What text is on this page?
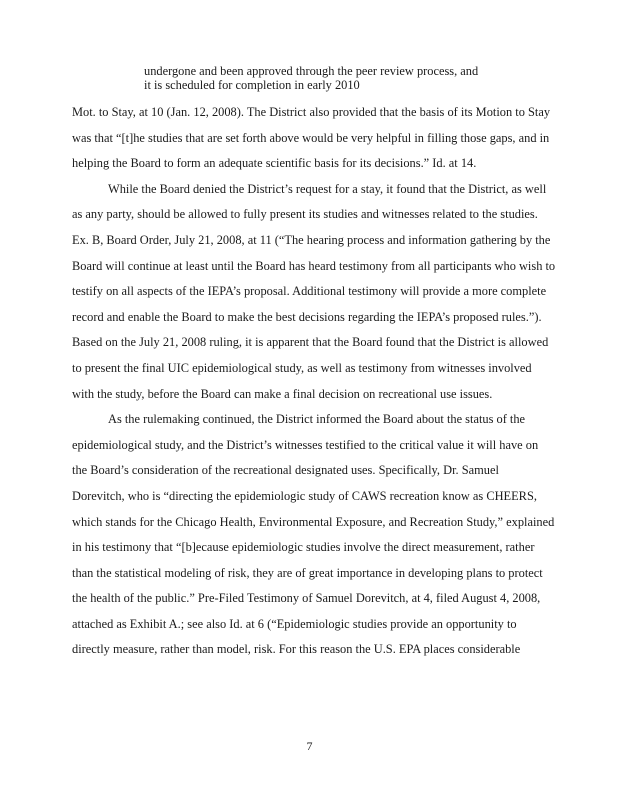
undergone and been approved through the peer review process, and
it is scheduled for completion in early 2010
Mot. to Stay, at 10 (Jan. 12, 2008). The District also provided that the basis of its Motion to Stay
was that “[t]he studies that are set forth above would be very helpful in filling those gaps, and in
helping the Board to form an adequate scientific basis for its decisions.” Id. at 14.
While the Board denied the District’s request for a stay, it found that the District, as well
as any party, should be allowed to fully present its studies and witnesses related to the studies.
Ex. B, Board Order, July 21, 2008, at 11 (“The hearing process and information gathering by the
Board will continue at least until the Board has heard testimony from all participants who wish to
testify on all aspects of the IEPA’s proposal. Additional testimony will provide a more complete
record and enable the Board to make the best decisions regarding the IEPA’s proposed rules.”).
Based on the July 21, 2008 ruling, it is apparent that the Board found that the District is allowed
to present the final UIC epidemiological study, as well as testimony from witnesses involved
with the study, before the Board can make a final decision on recreational use issues.
As the rulemaking continued, the District informed the Board about the status of the
epidemiological study, and the District’s witnesses testified to the critical value it will have on
the Board’s consideration of the recreational designated uses. Specifically, Dr. Samuel
Dorevitch, who is “directing the epidemiologic study of CAWS recreation know as CHEERS,
which stands for the Chicago Health, Environmental Exposure, and Recreation Study,” explained
in his testimony that “[b]ecause epidemiologic studies involve the direct measurement, rather
than the statistical modeling of risk, they are of great importance in developing plans to protect
the health of the public.” Pre-Filed Testimony of Samuel Dorevitch, at 4, filed August 4, 2008,
attached as Exhibit A.; see also Id. at 6 (“Epidemiologic studies provide an opportunity to
directly measure, rather than model, risk. For this reason the U.S. EPA places considerable
7
